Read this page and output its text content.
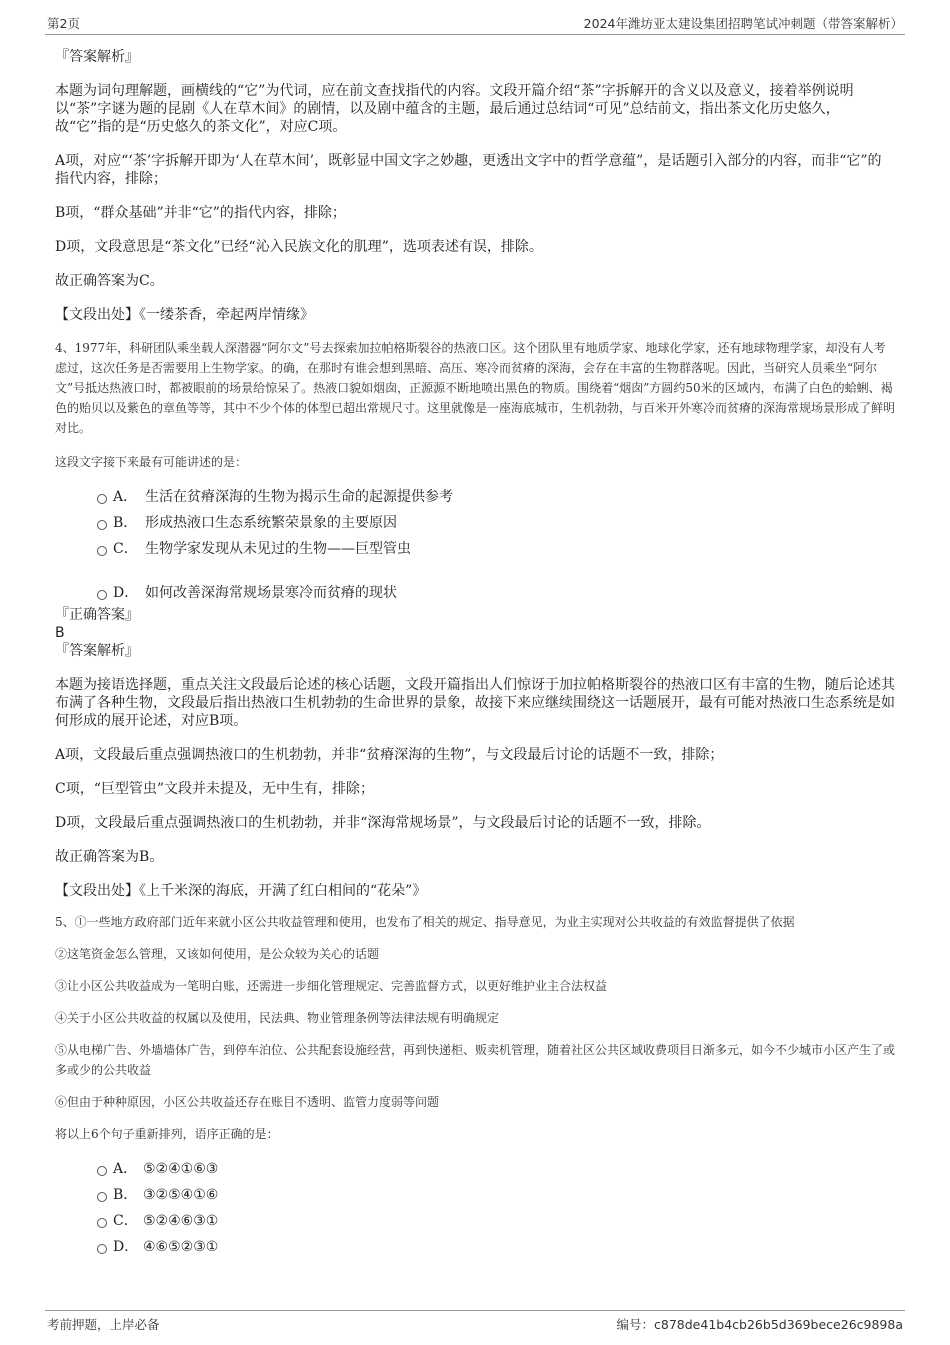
第2页	2024年潍坊亚太建设集团招聘笔试冲刺题（带答案解析）

『答案解析』

本题为词句理解题，画横线的“它”为代词，应在前文查找指代的内容。文段开篇介绍“茶”字拆解开的含义以及意义，接着举例说明以“茶”字谜为题的昆剧《人在草木间》的剧情，以及剧中蕴含的主题，最后通过总结词“可见”总结前文，指出茶文化历史悠久，故“它”指的是“历史悠久的茶文化”，对应C项。

A项，对应“‘茶’字拆解开即为‘人在草木间’，既彰显中国文字之妙趣，更透出文字中的哲学意蕴”，是话题引入部分的内容，而非“它”的指代内容，排除；

B项，“群众基础”并非“它”的指代内容，排除；

D项，文段意思是“茶文化”已经“沁入民族文化的肌理”，选项表述有误，排除。

故正确答案为C。

【文段出处】《一缕茶香，牵起两岸情缘》

4、1977年，科研团队乘坐载人深潜器“阿尔文”号去探索加拉帕格斯裂谷的热液口区。这个团队里有地质学家、地球化学家，还有地球物理学家，却没有人考虑过，这次任务是否需要用上生物学家。的确，在那时有谁会想到黑暗、高压、寒冷而贫瘠的深海，会存在丰富的生物群落呢。因此，当研究人员乘坐“阿尔文”号抵达热液口时，都被眼前的场景给惊呆了。热液口貌如烟囱，正源源不断地喷出黑色的物质。围绕着“烟囱”方圆约50米的区域内，布满了白色的蛤蜊、褐色的贻贝以及紫色的章鱼等等，其中不少个体的体型已超出常规尺寸。这里就像是一座海底城市，生机勃勃，与百米开外寒冷而贫瘠的深海常规场景形成了鲜明对比。

这段文字接下来最有可能讲述的是：

A． 生活在贫瘠深海的生物为揭示生命的起源提供参考
B． 形成热液口生态系统繁荣景象的主要原因
C． 生物学家发现从未见过的生物——巨型管虫
D． 如何改善深海常规场景寒冷而贫瘠的现状

『正确答案』

B

『答案解析』

本题为接语选择题，重点关注文段最后论述的核心话题，文段开篇指出人们惊讶于加拉帕格斯裂谷的热液口区有丰富的生物，随后论述其布满了各种生物，文段最后指出热液口生机勃勃的生命世界的景象，故接下来应继续围绕这一话题展开，最有可能对热液口生态系统是如何形成的展开论述，对应B项。

A项，文段最后重点强调热液口的生机勃勃，并非“贫瘠深海的生物”，与文段最后讨论的话题不一致，排除；

C项，“巨型管虫”文段并未提及，无中生有，排除；

D项，文段最后重点强调热液口的生机勃勃，并非“深海常规场景”，与文段最后讨论的话题不一致，排除。

故正确答案为B。

【文段出处】《上千米深的海底，开满了红白相间的“花朵”》

5、①一些地方政府部门近年来就小区公共收益管理和使用，也发布了相关的规定、指导意见，为业主实现对公共收益的有效监督提供了依据

②这笔资金怎么管理，又该如何使用，是公众较为关心的话题

③让小区公共收益成为一笔明白账，还需进一步细化管理规定、完善监督方式，以更好维护业主合法权益

④关于小区公共收益的权属以及使用，民法典、物业管理条例等法律法规有明确规定

⑤从电梯广告、外墙墙体广告，到停车泊位、公共配套设施经营，再到快递柜、贩卖机管理，随着社区公共区域收费项目日渐多元，如今不少城市小区产生了或多或少的公共收益

⑥但由于种种原因，小区公共收益还存在账目不透明、监管力度弱等问题

将以上6个句子重新排列，语序正确的是：

A． ⑤②④①⑥③
B． ③②⑤④①⑥
C． ⑤②④⑥③①
D． ④⑥⑤②③①
考前押题，上岸必备	编号：c878de41b4cb26b5d369bece26c9898a
